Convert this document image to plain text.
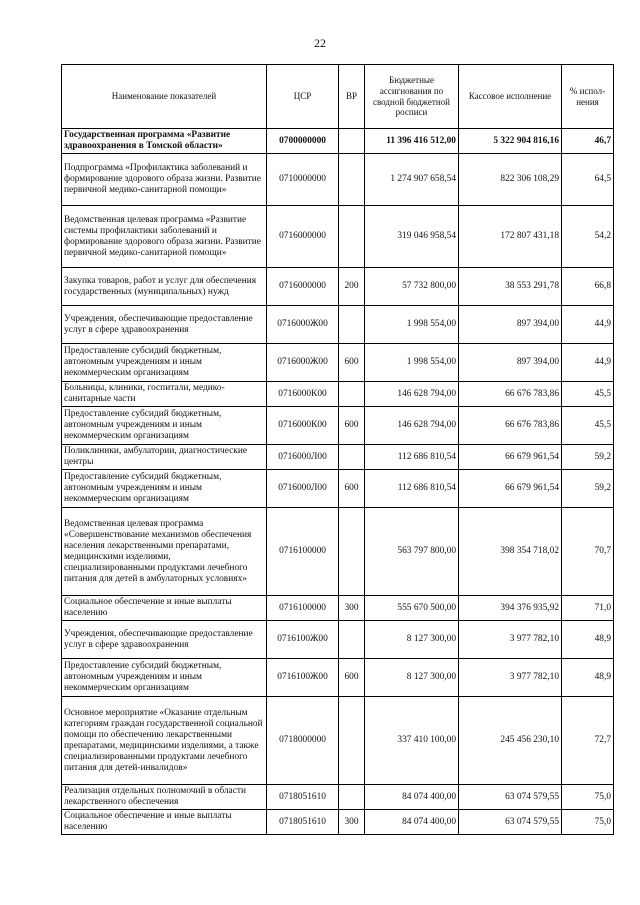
22
Наименование показателей	ЦСР	ВР	Бюджетные ассигнования по сводной бюджетной росписи	Кассовое исполнение	% испол-нения
Государственная программа «Развитие здравоохранения в Томской области»	0700000000		11 396 416 512,00	5 322 904 816,16	46,7
Подпрограмма «Профилактика заболеваний и формирование здорового образа жизни. Развитие первичной медико-санитарной помощи»	0710000000		1 274 907 658,54	822 306 108,29	64,5
Ведомственная целевая программа «Развитие системы профилактики заболеваний и формирование здорового образа жизни. Развитие первичной медико-санитарной помощи»	0716000000		319 046 958,54	172 807 431,18	54,2
Закупка товаров, работ и услуг для обеспечения государственных (муниципальных) нужд	0716000000	200	57 732 800,00	38 553 291,78	66,8
Учреждения, обеспечивающие предоставление услуг в сфере здравоохранения	0716000Ж00		1 998 554,00	897 394,00	44,9
Предоставление субсидий бюджетным, автономным учреждениям и иным некоммерческим организациям	0716000Ж00	600	1 998 554,00	897 394,00	44,9
Больницы, клиники, госпитали, медико-санитарные части	0716000К00		146 628 794,00	66 676 783,86	45,5
Предоставление субсидий бюджетным, автономным учреждениям и иным некоммерческим организациям	0716000К00	600	146 628 794,00	66 676 783,86	45,5
Поликлиники, амбулатории, диагностические центры	0716000Л00		112 686 810,54	66 679 961,54	59,2
Предоставление субсидий бюджетным, автономным учреждениям и иным некоммерческим организациям	0716000Л00	600	112 686 810,54	66 679 961,54	59,2
Ведомственная целевая программа «Совершенствование механизмов обеспечения населения лекарственными препаратами, медицинскими изделиями, специализированными продуктами лечебного питания для детей в амбулаторных условиях»	0716100000		563 797 800,00	398 354 718,02	70,7
Социальное обеспечение и иные выплаты населению	0716100000	300	555 670 500,00	394 376 935,92	71,0
Учреждения, обеспечивающие предоставление услуг в сфере здравоохранения	0716100Ж00		8 127 300,00	3 977 782,10	48,9
Предоставление субсидий бюджетным, автономным учреждениям и иным некоммерческим организациям	0716100Ж00	600	8 127 300,00	3 977 782,10	48,9
Основное мероприятие «Оказание отдельным категориям граждан государственной социальной помощи по обеспечению лекарственными препаратами, медицинскими изделиями, а также специализированными продуктами лечебного питания для детей-инвалидов»	0718000000		337 410 100,00	245 456 230,10	72,7
Реализация отдельных полномочий в области лекарственного обеспечения	0718051610		84 074 400,00	63 074 579,55	75,0
Социальное обеспечение и иные выплаты населению	0718051610	300	84 074 400,00	63 074 579,55	75,0
